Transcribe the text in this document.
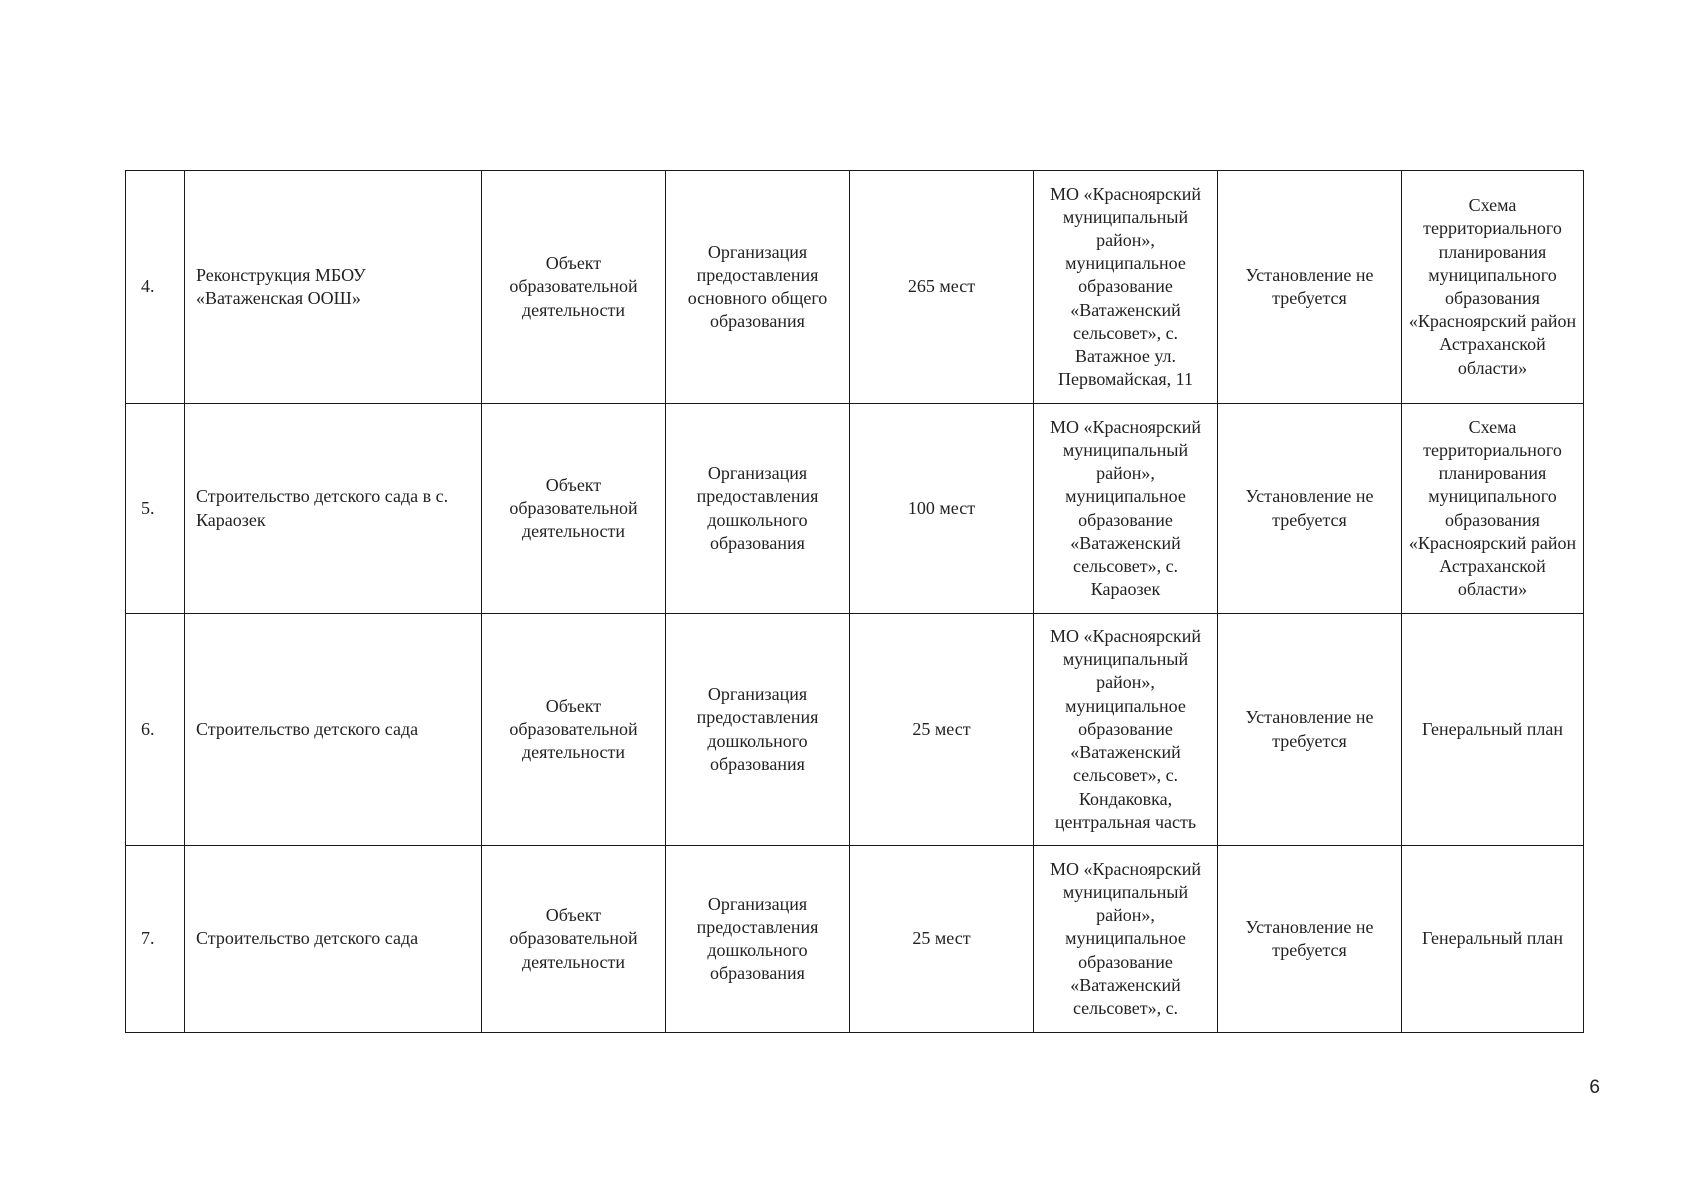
4.	Реконструкция МБОУ «Ватаженская ООШ»	Объект образовательной деятельности	Организация предоставления основного общего образования	265 мест	МО «Красноярский муниципальный район», муниципальное образование «Ватаженский сельсовет», с. Ватажное ул. Первомайская, 11	Установление не требуется	Схема территориального планирования муниципального образования «Красноярский район Астраханской области»
5.	Строительство детского сада в с. Караозек	Объект образовательной деятельности	Организация предоставления дошкольного образования	100 мест	МО «Красноярский муниципальный район», муниципальное образование «Ватаженский сельсовет», с. Караозек	Установление не требуется	Схема территориального планирования муниципального образования «Красноярский район Астраханской области»
6.	Строительство детского сада	Объект образовательной деятельности	Организация предоставления дошкольного образования	25 мест	МО «Красноярский муниципальный район», муниципальное образование «Ватаженский сельсовет», с. Кондаковка, центральная часть	Установление не требуется	Генеральный план
7.	Строительство детского сада	Объект образовательной деятельности	Организация предоставления дошкольного образования	25 мест	МО «Красноярский муниципальный район», муниципальное образование «Ватаженский сельсовет», с.	Установление не требуется	Генеральный план
6
